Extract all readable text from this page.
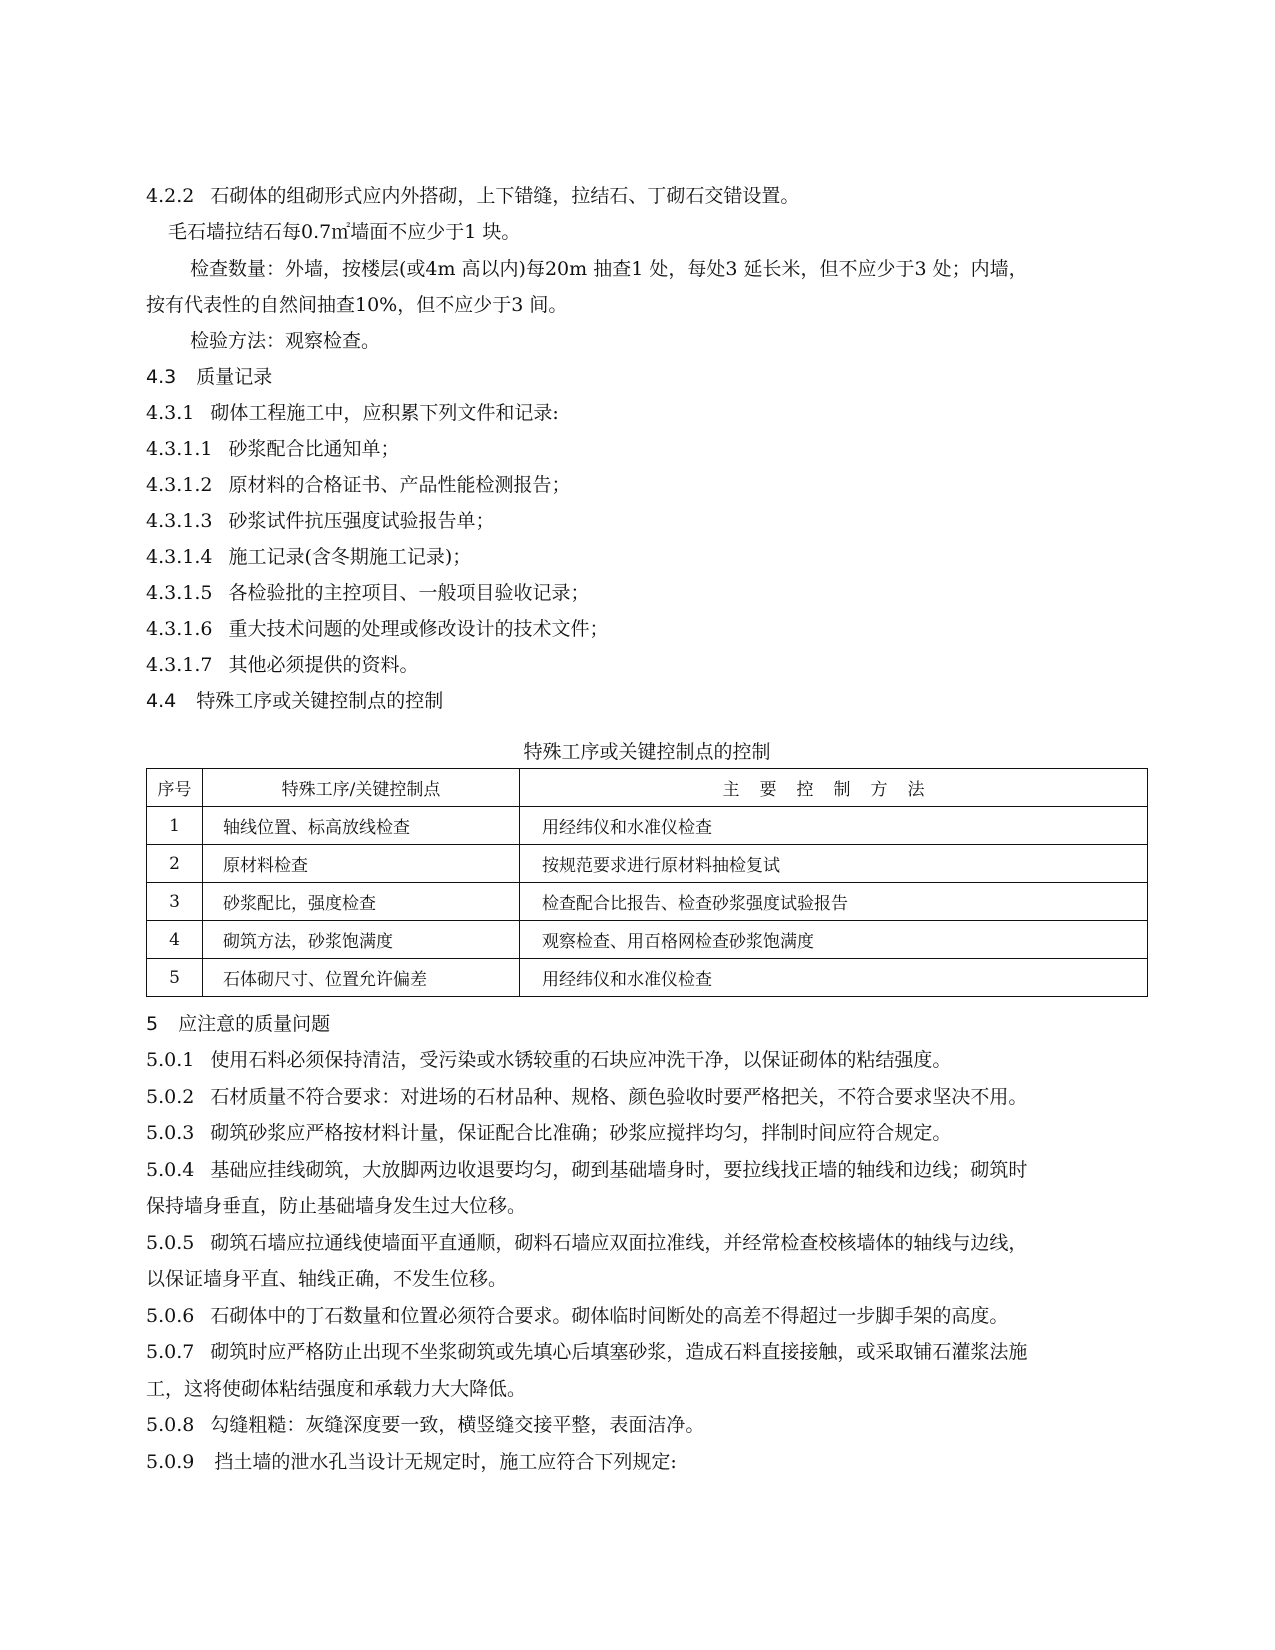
4.2.2 石砌体的组砌形式应内外搭砌，上下错缝，拉结石、丁砌石交错设置。
毛石墙拉结石每0.7㎡墙面不应少于1 块。
检查数量：外墙，按楼层(或4m 高以内)每20m 抽查1 处，每处3 延长米，但不应少于3 处；内墙，
按有代表性的自然间抽查10%，但不应少于3 间。
检验方法：观察检查。
4.3 质量记录
4.3.1 砌体工程施工中，应积累下列文件和记录:
4.3.1.1 砂浆配合比通知单；
4.3.1.2 原材料的合格证书、产品性能检测报告；
4.3.1.3 砂浆试件抗压强度试验报告单；
4.3.1.4 施工记录(含冬期施工记录)；
4.3.1.5 各检验批的主控项目、一般项目验收记录；
4.3.1.6 重大技术问题的处理或修改设计的技术文件；
4.3.1.7 其他必须提供的资料。
4.4 特殊工序或关键控制点的控制
特殊工序或关键控制点的控制
序号	特殊工序/关键控制点	主要控制方法
1	轴线位置、标高放线检查	用经纬仪和水准仪检查
2	原材料检查	按规范要求进行原材料抽检复试
3	砂浆配比，强度检查	检查配合比报告、检查砂浆强度试验报告
4	砌筑方法，砂浆饱满度	观察检查、用百格网检查砂浆饱满度
5	石体砌尺寸、位置允许偏差	用经纬仪和水准仪检查
5 应注意的质量问题
5.0.1 使用石料必须保持清洁，受污染或水锈较重的石块应冲洗干净，以保证砌体的粘结强度。
5.0.2 石材质量不符合要求：对进场的石材品种、规格、颜色验收时要严格把关，不符合要求坚决不用。
5.0.3 砌筑砂浆应严格按材料计量，保证配合比准确；砂浆应搅拌均匀，拌制时间应符合规定。
5.0.4 基础应挂线砌筑，大放脚两边收退要均匀，砌到基础墙身时，要拉线找正墙的轴线和边线；砌筑时
保持墙身垂直，防止基础墙身发生过大位移。
5.0.5 砌筑石墙应拉通线使墙面平直通顺，砌料石墙应双面拉准线，并经常检查校核墙体的轴线与边线，
以保证墙身平直、轴线正确，不发生位移。
5.0.6 石砌体中的丁石数量和位置必须符合要求。砌体临时间断处的高差不得超过一步脚手架的高度。
5.0.7 砌筑时应严格防止出现不坐浆砌筑或先填心后填塞砂浆，造成石料直接接触，或采取铺石灌浆法施
工，这将使砌体粘结强度和承载力大大降低。
5.0.8 勾缝粗糙：灰缝深度要一致，横竖缝交接平整，表面洁净。
5.0.9 挡土墙的泄水孔当设计无规定时，施工应符合下列规定:
